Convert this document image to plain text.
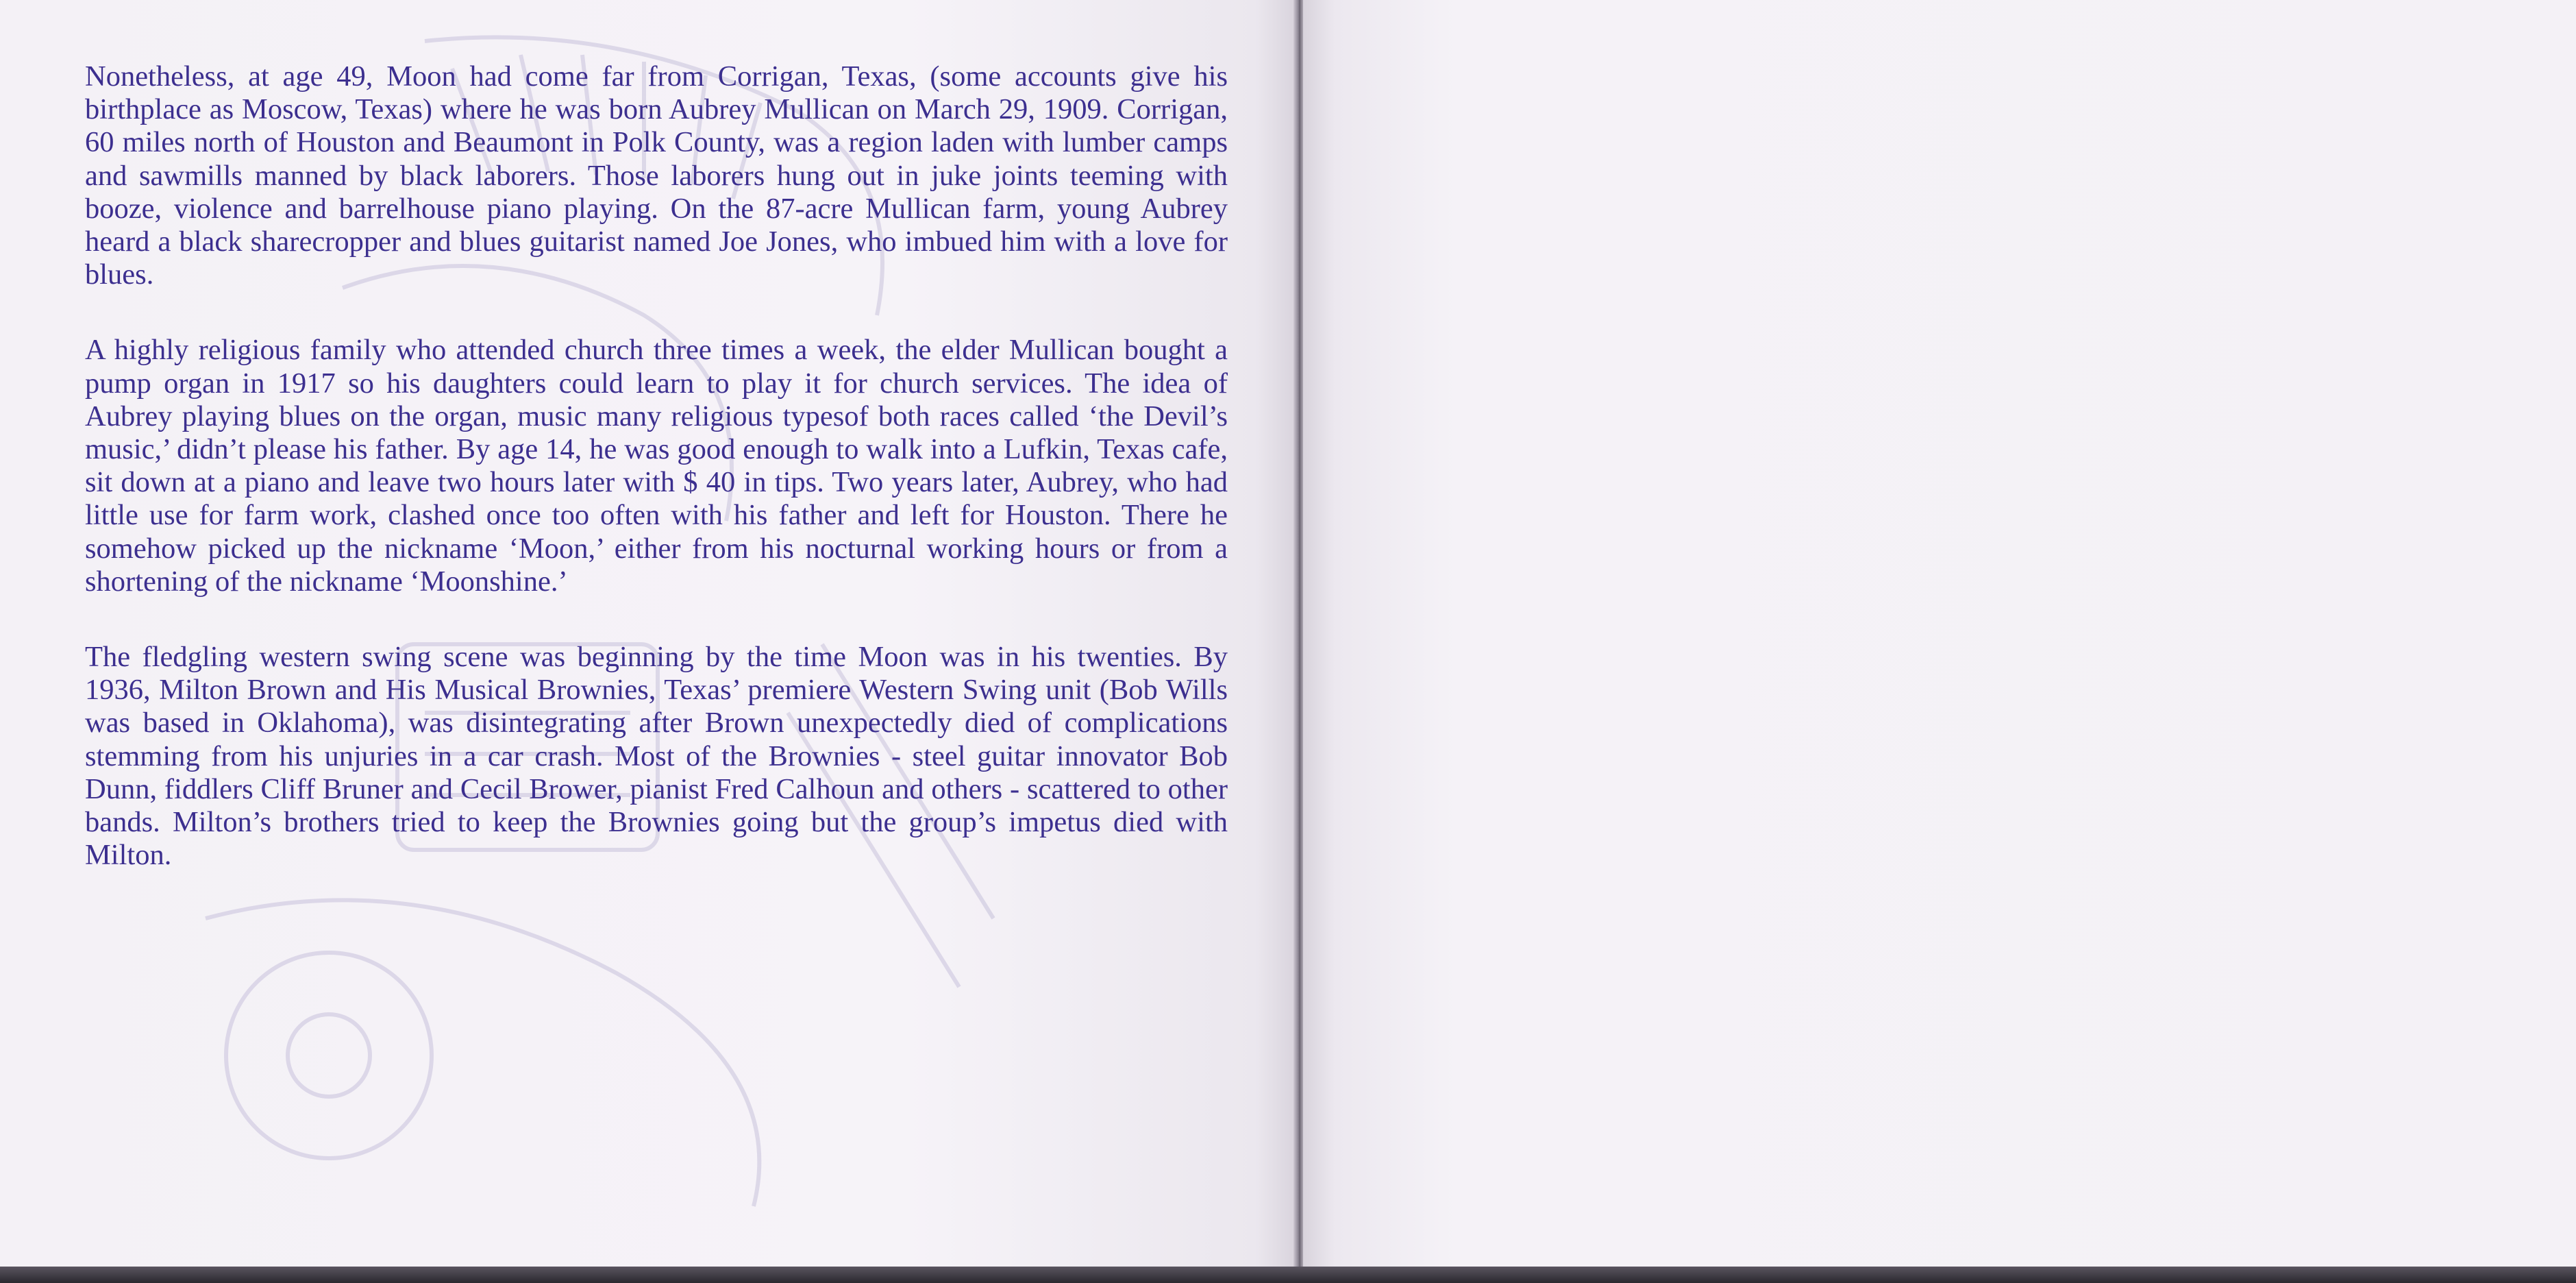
Nonetheless, at age 49, Moon had come far from Corrigan, Texas, (some accounts give his birthplace as Moscow, Texas) where he was born Aubrey Mullican on March 29, 1909. Corrigan, 60 miles north of Houston and Beaumont in Polk County, was a region laden with lumber camps and sawmills manned by black laborers. Those laborers hung out in juke joints teeming with booze, violence and barrelhouse piano playing. On the 87-acre Mullican farm, young Aubrey heard a black sharecropper and blues guitarist named Joe Jones, who imbued him with a love for blues.

A highly religious family who attended church three times a week, the elder Mullican bought a pump organ in 1917 so his daughters could learn to play it for church services. The idea of Aubrey playing blues on the organ, music many religious typesof both races called ‘the Devil’s music,’ didn’t please his father. By age 14, he was good enough to walk into a Lufkin, Texas cafe, sit down at a piano and leave two hours later with $ 40 in tips. Two years later, Aubrey, who had little use for farm work, clashed once too often with his father and left for Houston. There he somehow picked up the nickname ‘Moon,’ either from his nocturnal working hours or from a shortening of the nickname ‘Moonshine.’

The fledgling western swing scene was beginning by the time Moon was in his twenties. By 1936, Milton Brown and His Musical Brownies, Texas’ premiere Western Swing unit (Bob Wills was based in Oklahoma), was disintegrating after Brown unexpectedly died of complications stemming from his unjuries in a car crash. Most of the Brownies - steel guitar innovator Bob Dunn, fiddlers Cliff Bruner and Cecil Brower, pianist Fred Calhoun and others - scattered to other bands. Milton’s brothers tried to keep the Brownies going but the group’s impetus died with Milton.
